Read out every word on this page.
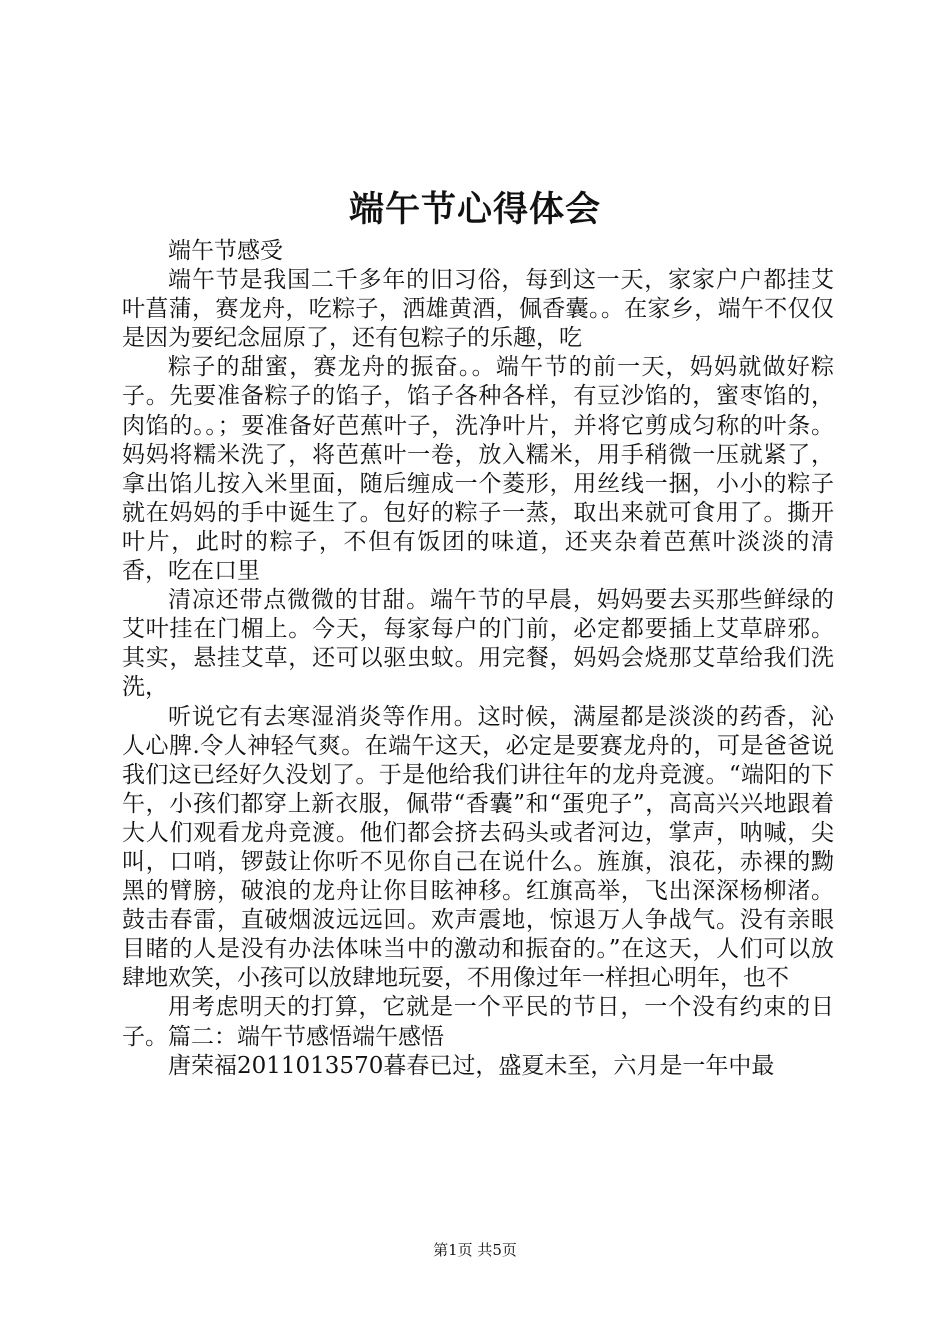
端午节心得体会

端午节感受

端午节是我国二千多年的旧习俗，每到这一天，家家户户都挂艾叶菖蒲，赛龙舟，吃粽子，洒雄黄酒，佩香囊。。在家乡，端午不仅仅是因为要纪念屈原了，还有包粽子的乐趣，吃

粽子的甜蜜，赛龙舟的振奋。。端午节的前一天，妈妈就做好粽子。先要准备粽子的馅子，馅子各种各样，有豆沙馅的，蜜枣馅的，肉馅的。。；要准备好芭蕉叶子，洗净叶片，并将它剪成匀称的叶条。妈妈将糯米洗了，将芭蕉叶一卷，放入糯米，用手稍微一压就紧了，拿出馅儿按入米里面，随后缠成一个菱形，用丝线一捆，小小的粽子就在妈妈的手中诞生了。包好的粽子一蒸，取出来就可食用了。撕开叶片，此时的粽子，不但有饭团的味道，还夹杂着芭蕉叶淡淡的清香，吃在口里

清凉还带点微微的甘甜。端午节的早晨，妈妈要去买那些鲜绿的艾叶挂在门楣上。今天，每家每户的门前，必定都要插上艾草辟邪。其实，悬挂艾草，还可以驱虫蚊。用完餐，妈妈会烧那艾草给我们洗洗，

听说它有去寒湿消炎等作用。这时候，满屋都是淡淡的药香，沁人心脾.令人神轻气爽。在端午这天，必定是要赛龙舟的，可是爸爸说我们这已经好久没划了。于是他给我们讲往年的龙舟竞渡。“端阳的下午，小孩们都穿上新衣服，佩带“香囊”和“蛋兜子”，高高兴兴地跟着大人们观看龙舟竞渡。他们都会挤去码头或者河边，掌声，呐喊，尖叫，口哨，锣鼓让你听不见你自己在说什么。旌旗，浪花，赤裸的黝黑的臂膀，破浪的龙舟让你目眩神移。红旗高举，飞出深深杨柳渚。鼓击春雷，直破烟波远远回。欢声震地，惊退万人争战气。没有亲眼目睹的人是没有办法体味当中的激动和振奋的。”在这天，人们可以放肆地欢笑，小孩可以放肆地玩耍，不用像过年一样担心明年，也不

用考虑明天的打算，它就是一个平民的节日，一个没有约束的日子。篇二：端午节感悟端午感悟

唐荣福2011013570暮春已过，盛夏未至，六月是一年中最

第1页 共5页
